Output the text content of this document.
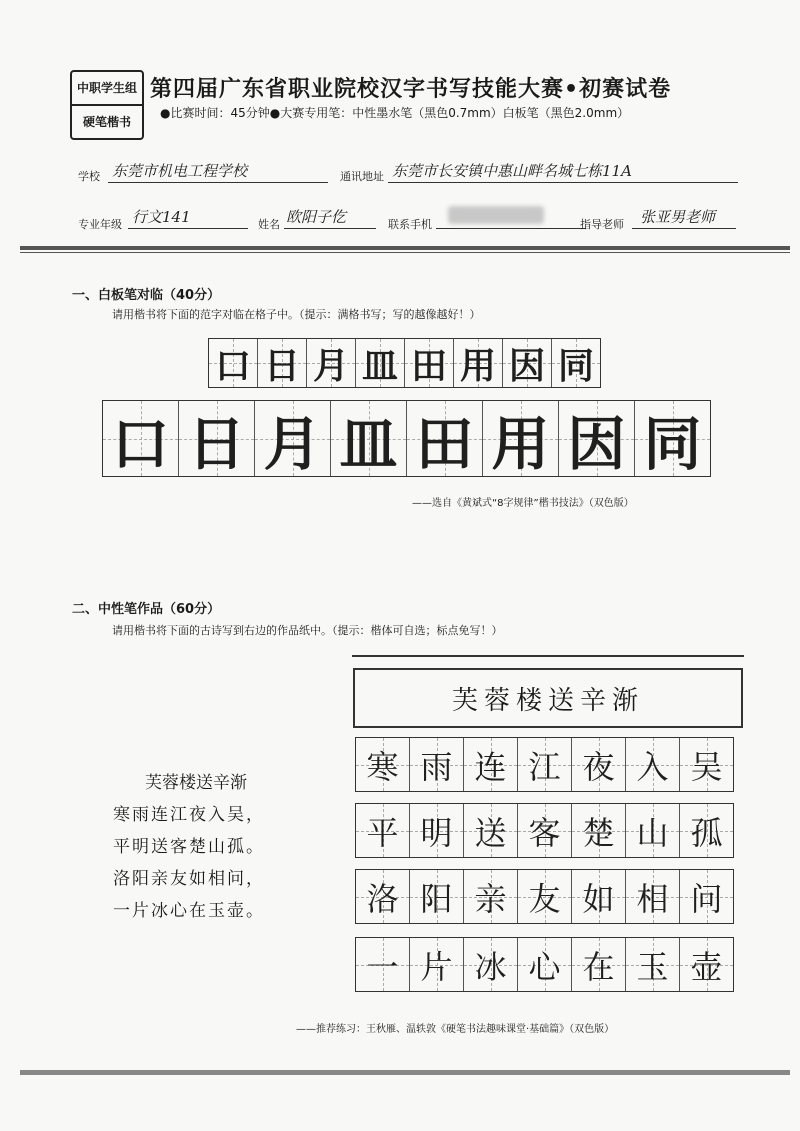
中职学生组
硬笔楷书
第四届广东省职业院校汉字书写技能大赛•初赛试卷
●比赛时间：45分钟●大赛专用笔：中性墨水笔（黑色0.7mm）白板笔（黑色2.0mm）
学校 东莞市机电工程学校	通讯地址 东莞市长安镇中惠山畔名城七栋11A
专业年级 行文141	姓名 欧阳子仡	联系手机	指导老师 张亚男老师
一、白板笔对临（40分）
请用楷书将下面的范字对临在格子中。（提示：满格书写；写的越像越好！）
口 日 月 皿 田 用 因 同
口 日 月 皿 田 用 因 同
——选自《黄斌式“8字规律”楷书技法》（双色版）
二、中性笔作品（60分）
请用楷书将下面的古诗写到右边的作品纸中。（提示：楷体可自选；标点免写！）
芙蓉楼送辛渐
寒雨连江夜入吴，
平明送客楚山孤。
洛阳亲友如相问，
一片冰心在玉壶。
芙蓉楼送辛渐
寒 雨 连 江 夜 入 吴
平 明 送 客 楚 山 孤
洛 阳 亲 友 如 相 问
一 片 冰 心 在 玉 壶
——推荐练习：王秋雁、温轶敦《硬笔书法趣味课堂·基础篇》（双色版）
